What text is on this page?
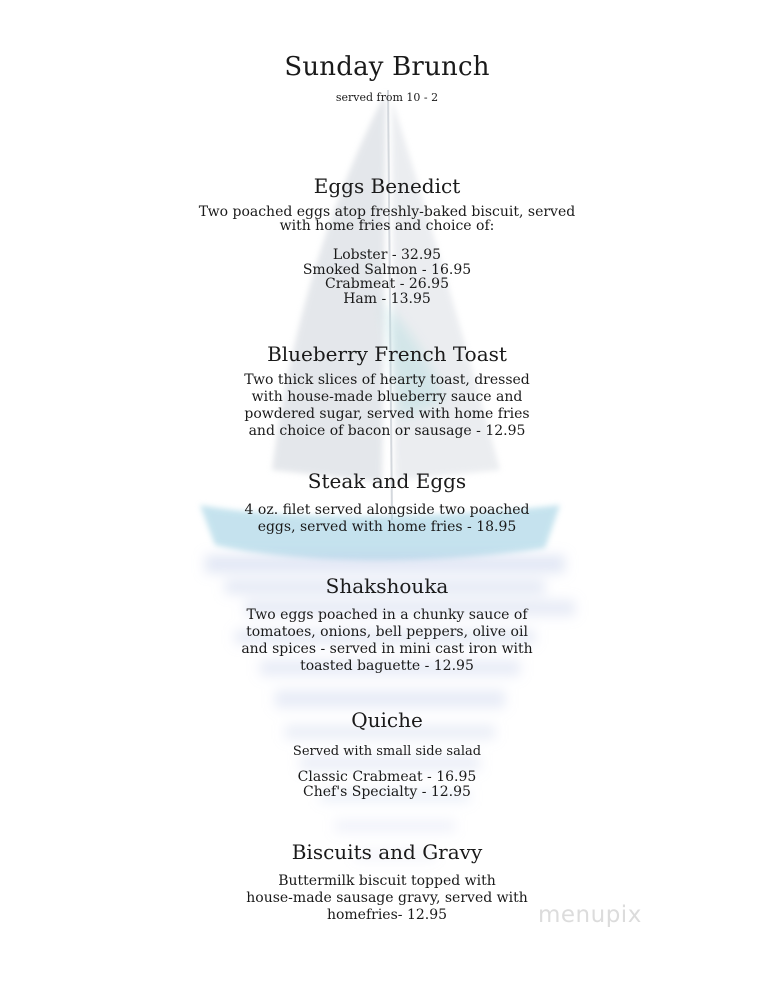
Sunday Brunch
served from 10 - 2
Eggs Benedict
Two poached eggs atop freshly-baked biscuit, served
with home fries and choice of:
Lobster - 32.95
Smoked Salmon - 16.95
Crabmeat - 26.95
Ham - 13.95
Blueberry French Toast
Two thick slices of hearty toast, dressed
with house-made blueberry sauce and
powdered sugar, served with home fries
and choice of bacon or sausage - 12.95
Steak and Eggs
4 oz. filet served alongside two poached
eggs, served with home fries - 18.95
Shakshouka
Two eggs poached in a chunky sauce of
tomatoes, onions, bell peppers, olive oil
and spices - served in mini cast iron with
toasted baguette - 12.95
Quiche
Served with small side salad
Classic Crabmeat - 16.95
Chef's Specialty - 12.95
Biscuits and Gravy
Buttermilk biscuit topped with
house-made sausage gravy, served with
homefries- 12.95	menupix
